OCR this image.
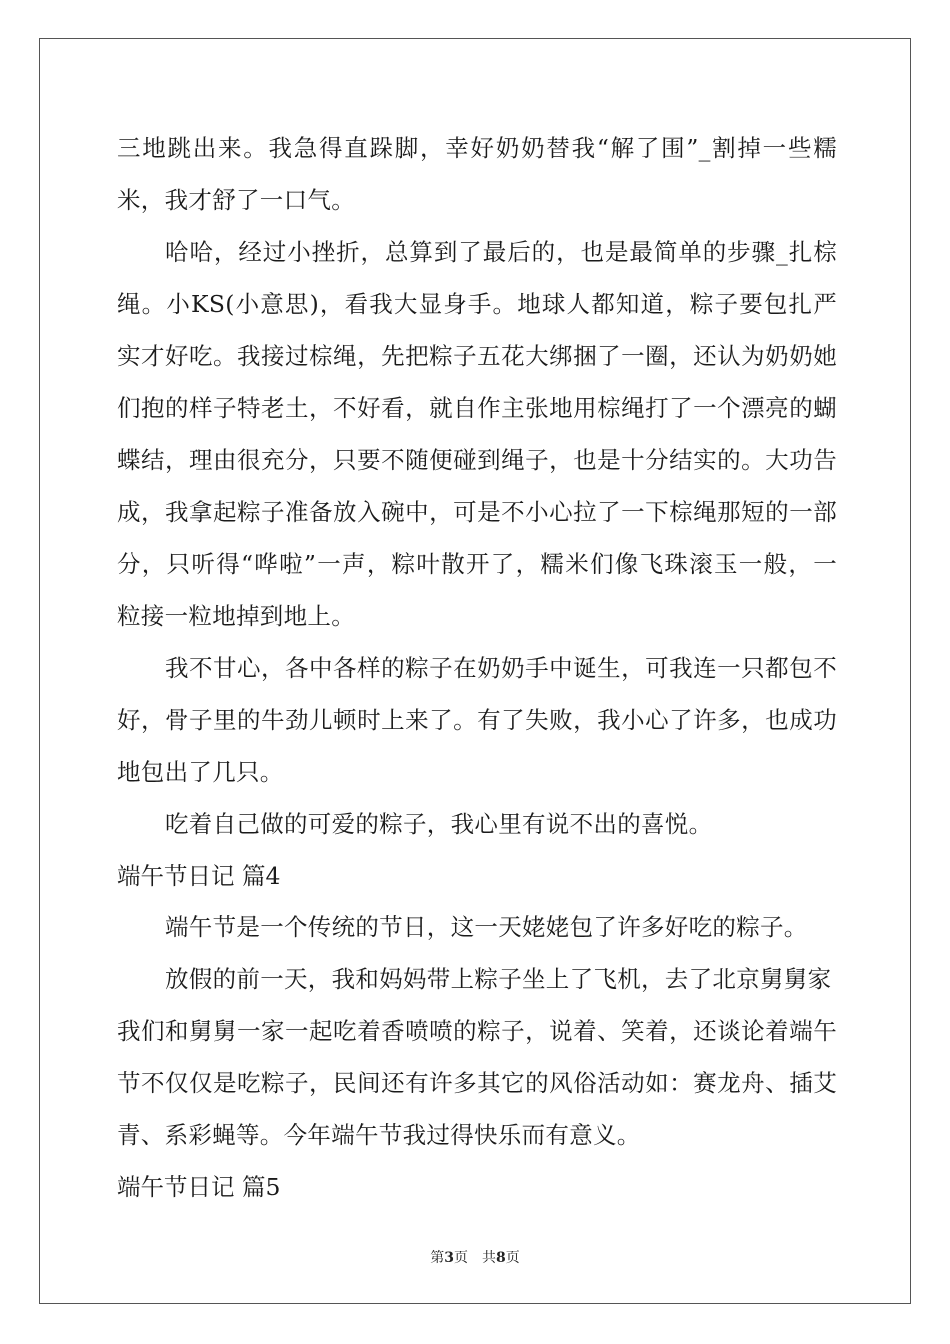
三地跳出来。我急得直跺脚，幸好奶奶替我“解了围”_割掉一些糯
米，我才舒了一口气。
哈哈，经过小挫折，总算到了最后的，也是最简单的步骤_扎棕
绳。小KS(小意思)，看我大显身手。地球人都知道，粽子要包扎严
实才好吃。我接过棕绳，先把粽子五花大绑捆了一圈，还认为奶奶她
们抱的样子特老土，不好看，就自作主张地用棕绳打了一个漂亮的蝴
蝶结，理由很充分，只要不随便碰到绳子，也是十分结实的。大功告
成，我拿起粽子准备放入碗中，可是不小心拉了一下棕绳那短的一部
分，只听得“哗啦”一声，粽叶散开了，糯米们像飞珠滚玉一般，一
粒接一粒地掉到地上。
我不甘心，各中各样的粽子在奶奶手中诞生，可我连一只都包不
好，骨子里的牛劲儿顿时上来了。有了失败，我小心了许多，也成功
地包出了几只。
吃着自己做的可爱的粽子，我心里有说不出的喜悦。
端午节日记 篇4
端午节是一个传统的节日，这一天姥姥包了许多好吃的粽子。
放假的前一天，我和妈妈带上粽子坐上了飞机，去了北京舅舅家
我们和舅舅一家一起吃着香喷喷的粽子，说着、笑着，还谈论着端午
节不仅仅是吃粽子，民间还有许多其它的风俗活动如：赛龙舟、插艾
青、系彩蝇等。今年端午节我过得快乐而有意义。
端午节日记 篇5
第3页　共8页
